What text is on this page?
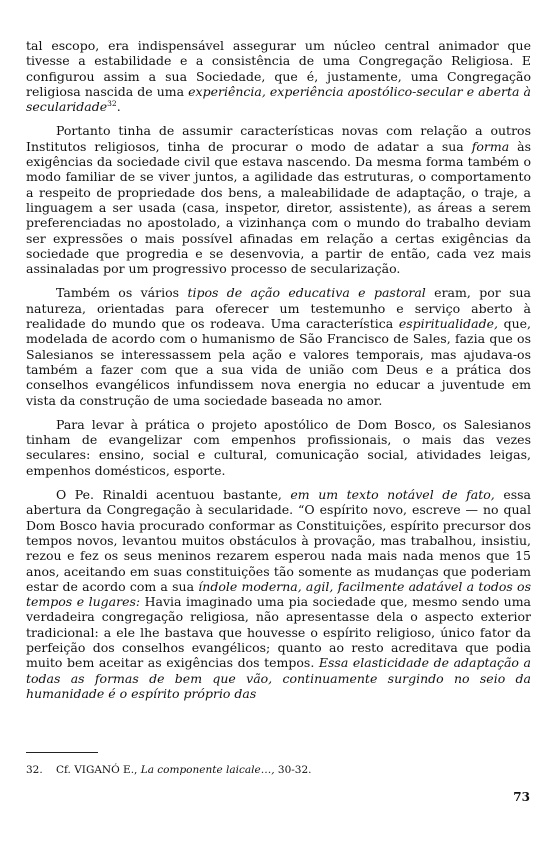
tal escopo, era indispensável assegurar um núcleo central animador que tivesse a estabilidade e a consistência de uma Congregação Religiosa. E configurou assim a sua Sociedade, que é, justamente, uma Congregação religiosa nascida de uma experiência, experiência apostólico-secular e aberta à secularidade$^{32}$.

Portanto tinha de assumir características novas com relação a outros Institutos religiosos, tinha de procurar o modo de adatar a sua forma às exigências da sociedade civil que estava nascendo. Da mesma forma também o modo familiar de se viver juntos, a agilidade das estruturas, o comportamento a respeito de propriedade dos bens, a maleabilidade de adaptação, o traje, a linguagem a ser usada (casa, inspetor, diretor, assistente), as áreas a serem preferenciadas no apostolado, a vizinhança com o mundo do trabalho deviam ser expressões o mais possível afinadas em relação a certas exigências da sociedade que progredia e se desenvovia, a partir de então, cada vez mais assinaladas por um progressivo processo de secularização.

Também os vários tipos de ação educativa e pastoral eram, por sua natureza, orientadas para oferecer um testemunho e serviço aberto à realidade do mundo que os rodeava. Uma característica espiritualidade, que, modelada de acordo com o humanismo de São Francisco de Sales, fazia que os Salesianos se interessassem pela ação e valores temporais, mas ajudava-os também a fazer com que a sua vida de união com Deus e a prática dos conselhos evangélicos infundissem nova energia no educar a juventude em vista da construção de uma sociedade baseada no amor.

Para levar à prática o projeto apostólico de Dom Bosco, os Salesianos tinham de evangelizar com empenhos profissionais, o mais das vezes seculares: ensino, social e cultural, comunicação social, atividades leigas, empenhos domésticos, esporte.

O Pe. Rinaldi acentuou bastante, em um texto notável de fato, essa abertura da Congregação à secularidade. “O espírito novo, escreve — no qual Dom Bosco havia procurado conformar as Constituições, espírito precursor dos tempos novos, levantou muitos obstáculos à provação, mas trabalhou, insistiu, rezou e fez os seus meninos rezarem esperou nada mais nada menos que 15 anos, aceitando em suas constituições tão somente as mudanças que poderiam estar de acordo com a sua índole moderna, agil, facilmente adatável a todos os tempos e lugares: Havia imaginado uma pia sociedade que, mesmo sendo uma verdadeira congregação religiosa, não apresentasse dela o aspecto exterior tradicional: a ele lhe bastava que houvesse o espírito religioso, único fator da perfeição dos conselhos evangélicos; quanto ao resto acreditava que podia muito bem aceitar as exigências dos tempos. Essa elasticidade de adaptação a todas as formas de bem que vão, continuamente surgindo no seio da humanidade é o espírito próprio das

32. Cf. VIGANÓ E., La componente laicale…, 30-32.

73
